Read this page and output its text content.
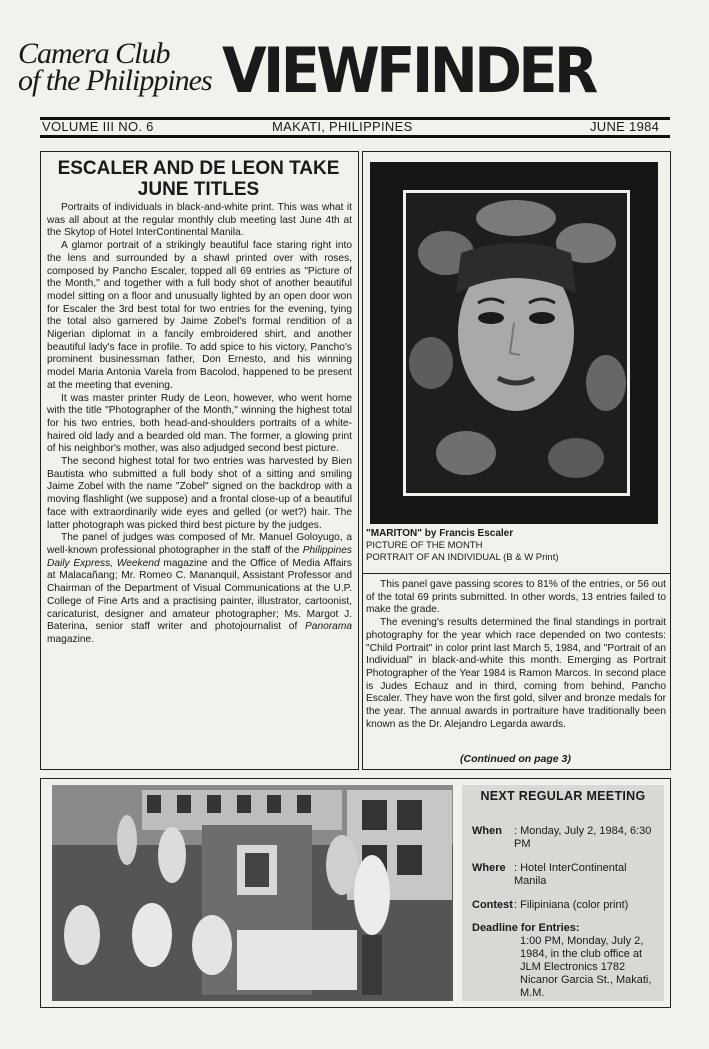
Camera Club
of the Philippines VIEWFINDER
VOLUME III NO. 6	MAKATI, PHILIPPINES	JUNE 1984
ESCALER AND DE LEON TAKE
JUNE TITLES

Portraits of individuals in black-and-white print. This was what it was all about at the regular monthly club meeting last June 4th at the Skytop of Hotel InterContinental Manila.

A glamor portrait of a strikingly beautiful face staring right into the lens and surrounded by a shawl printed over with roses, composed by Pancho Escaler, topped all 69 entries as "Picture of the Month," and together with a full body shot of another beautiful model sitting on a floor and unusually lighted by an open door won for Escaler the 3rd best total for two entries for the evening, tying the total also garnered by Jaime Zobel's formal rendition of a Nigerian diplomat in a fancily embroidered shirt, and another beautiful lady's face in profile. To add spice to his victory, Pancho's prominent businessman father, Don Ernesto, and his winning model Maria Antonia Varela from Bacolod, happened to be present at the meeting that evening.

It was master printer Rudy de Leon, however, who went home with the title "Photographer of the Month," winning the highest total for his two entries, both head-and-shoulders portraits of a white-haired old lady and a bearded old man. The former, a glowing print of his neighbor's mother, was also adjudged second best picture.

The second highest total for two entries was harvested by Bien Bautista who submitted a full body shot of a sitting and smiling Jaime Zobel with the name "Zobel" signed on the backdrop with a moving flashlight (we suppose) and a frontal close-up of a beautiful face with extraordinarily wide eyes and gelled (or wet?) hair. The latter photograph was picked third best picture by the judges.

The panel of judges was composed of Mr. Manuel Goloyugo, a well-known professional photographer in the staff of the Philippines Daily Express, Weekend magazine and the Office of Media Affairs at Malacañang; Mr. Romeo C. Mananquil, Assistant Professor and Chairman of the Department of Visual Communications at the U.P. College of Fine Arts and a practising painter, illustrator, cartoonist, caricaturist, designer and amateur photographer; Ms. Margot J. Baterina, senior staff writer and photojournalist of Panorama magazine.

"MARITON" by Francis Escaler
PICTURE OF THE MONTH
PORTRAIT OF AN INDIVIDUAL (B & W Print)

This panel gave passing scores to 81% of the entries, or 56 out of the total 69 prints submitted. In other words, 13 entries failed to make the grade.

The evening's results determined the final standings in portrait photography for the year which race depended on two contests: "Child Portrait" in color print last March 5, 1984, and "Portrait of an Individual" in black-and-white this month. Emerging as Portrait Photographer of the Year 1984 is Ramon Marcos. In second place is Judes Echauz and in third, coming from behind, Pancho Escaler. They have won the first gold, silver and bronze medals for the year. The annual awards in portraiture have traditionally been known as the Dr. Alejandro Legarda awards.

(Continued on page 3)
NEXT REGULAR MEETING
When : Monday, July 2, 1984, 6:30 PM
Where : Hotel InterContinental Manila
Contest : Filipiniana (color print)
Deadline for Entries:
1:00 PM, Monday, July 2, 1984, in the club office at JLM Electronics 1782 Nicanor Garcia St., Makati, M.M.
